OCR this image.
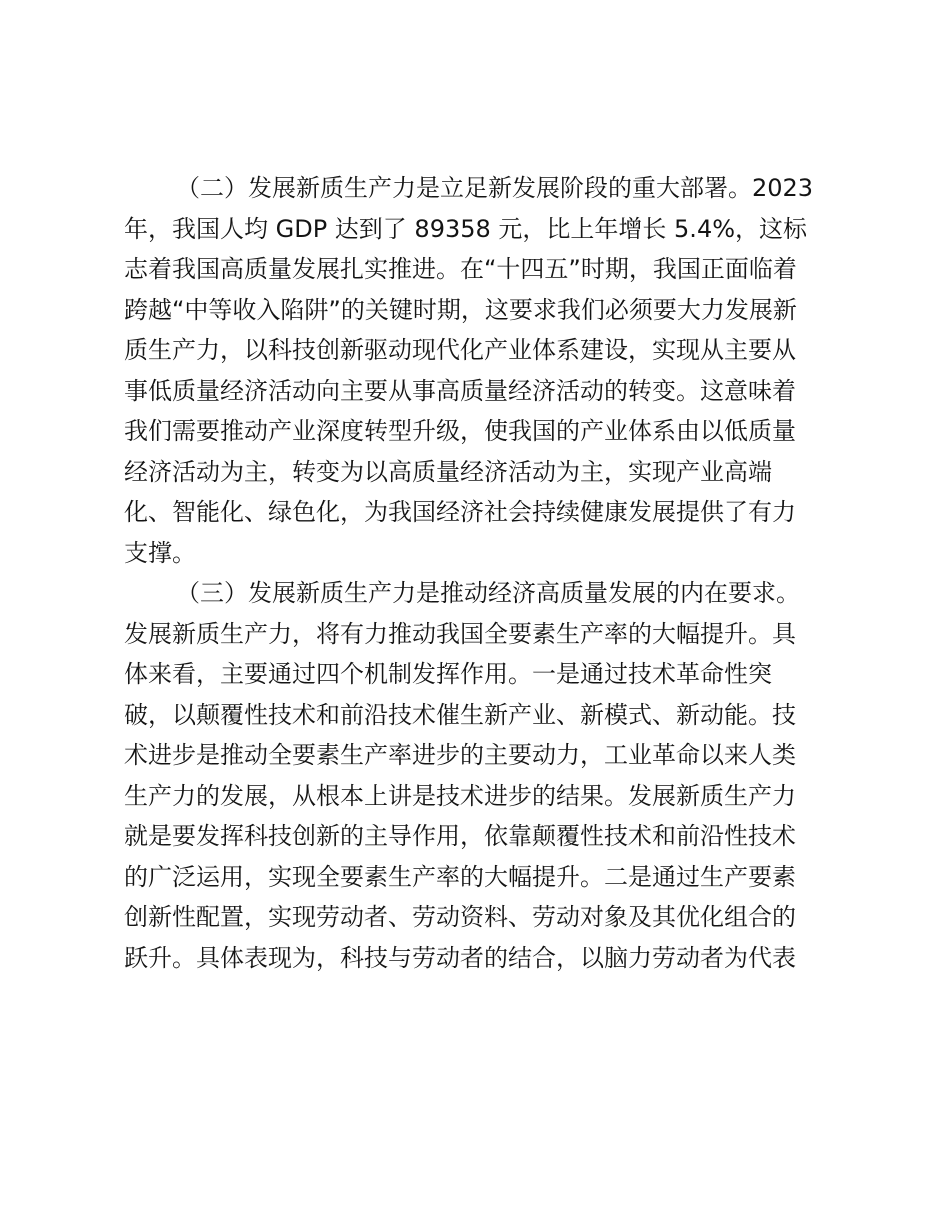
（二）发展新质生产力是立足新发展阶段的重大部署。2023
年，我国人均 GDP 达到了 89358 元，比上年增长 5.4%，这标
志着我国高质量发展扎实推进。在“十四五”时期，我国正面临着
跨越“中等收入陷阱”的关键时期，这要求我们必须要大力发展新
质生产力，以科技创新驱动现代化产业体系建设，实现从主要从
事低质量经济活动向主要从事高质量经济活动的转变。这意味着
我们需要推动产业深度转型升级，使我国的产业体系由以低质量
经济活动为主，转变为以高质量经济活动为主，实现产业高端
化、智能化、绿色化，为我国经济社会持续健康发展提供了有力
支撑。
（三）发展新质生产力是推动经济高质量发展的内在要求。
发展新质生产力，将有力推动我国全要素生产率的大幅提升。具
体来看，主要通过四个机制发挥作用。一是通过技术革命性突
破，以颠覆性技术和前沿技术催生新产业、新模式、新动能。技
术进步是推动全要素生产率进步的主要动力，工业革命以来人类
生产力的发展，从根本上讲是技术进步的结果。发展新质生产力
就是要发挥科技创新的主导作用，依靠颠覆性技术和前沿性技术
的广泛运用，实现全要素生产率的大幅提升。二是通过生产要素
创新性配置，实现劳动者、劳动资料、劳动对象及其优化组合的
跃升。具体表现为，科技与劳动者的结合，以脑力劳动者为代表
